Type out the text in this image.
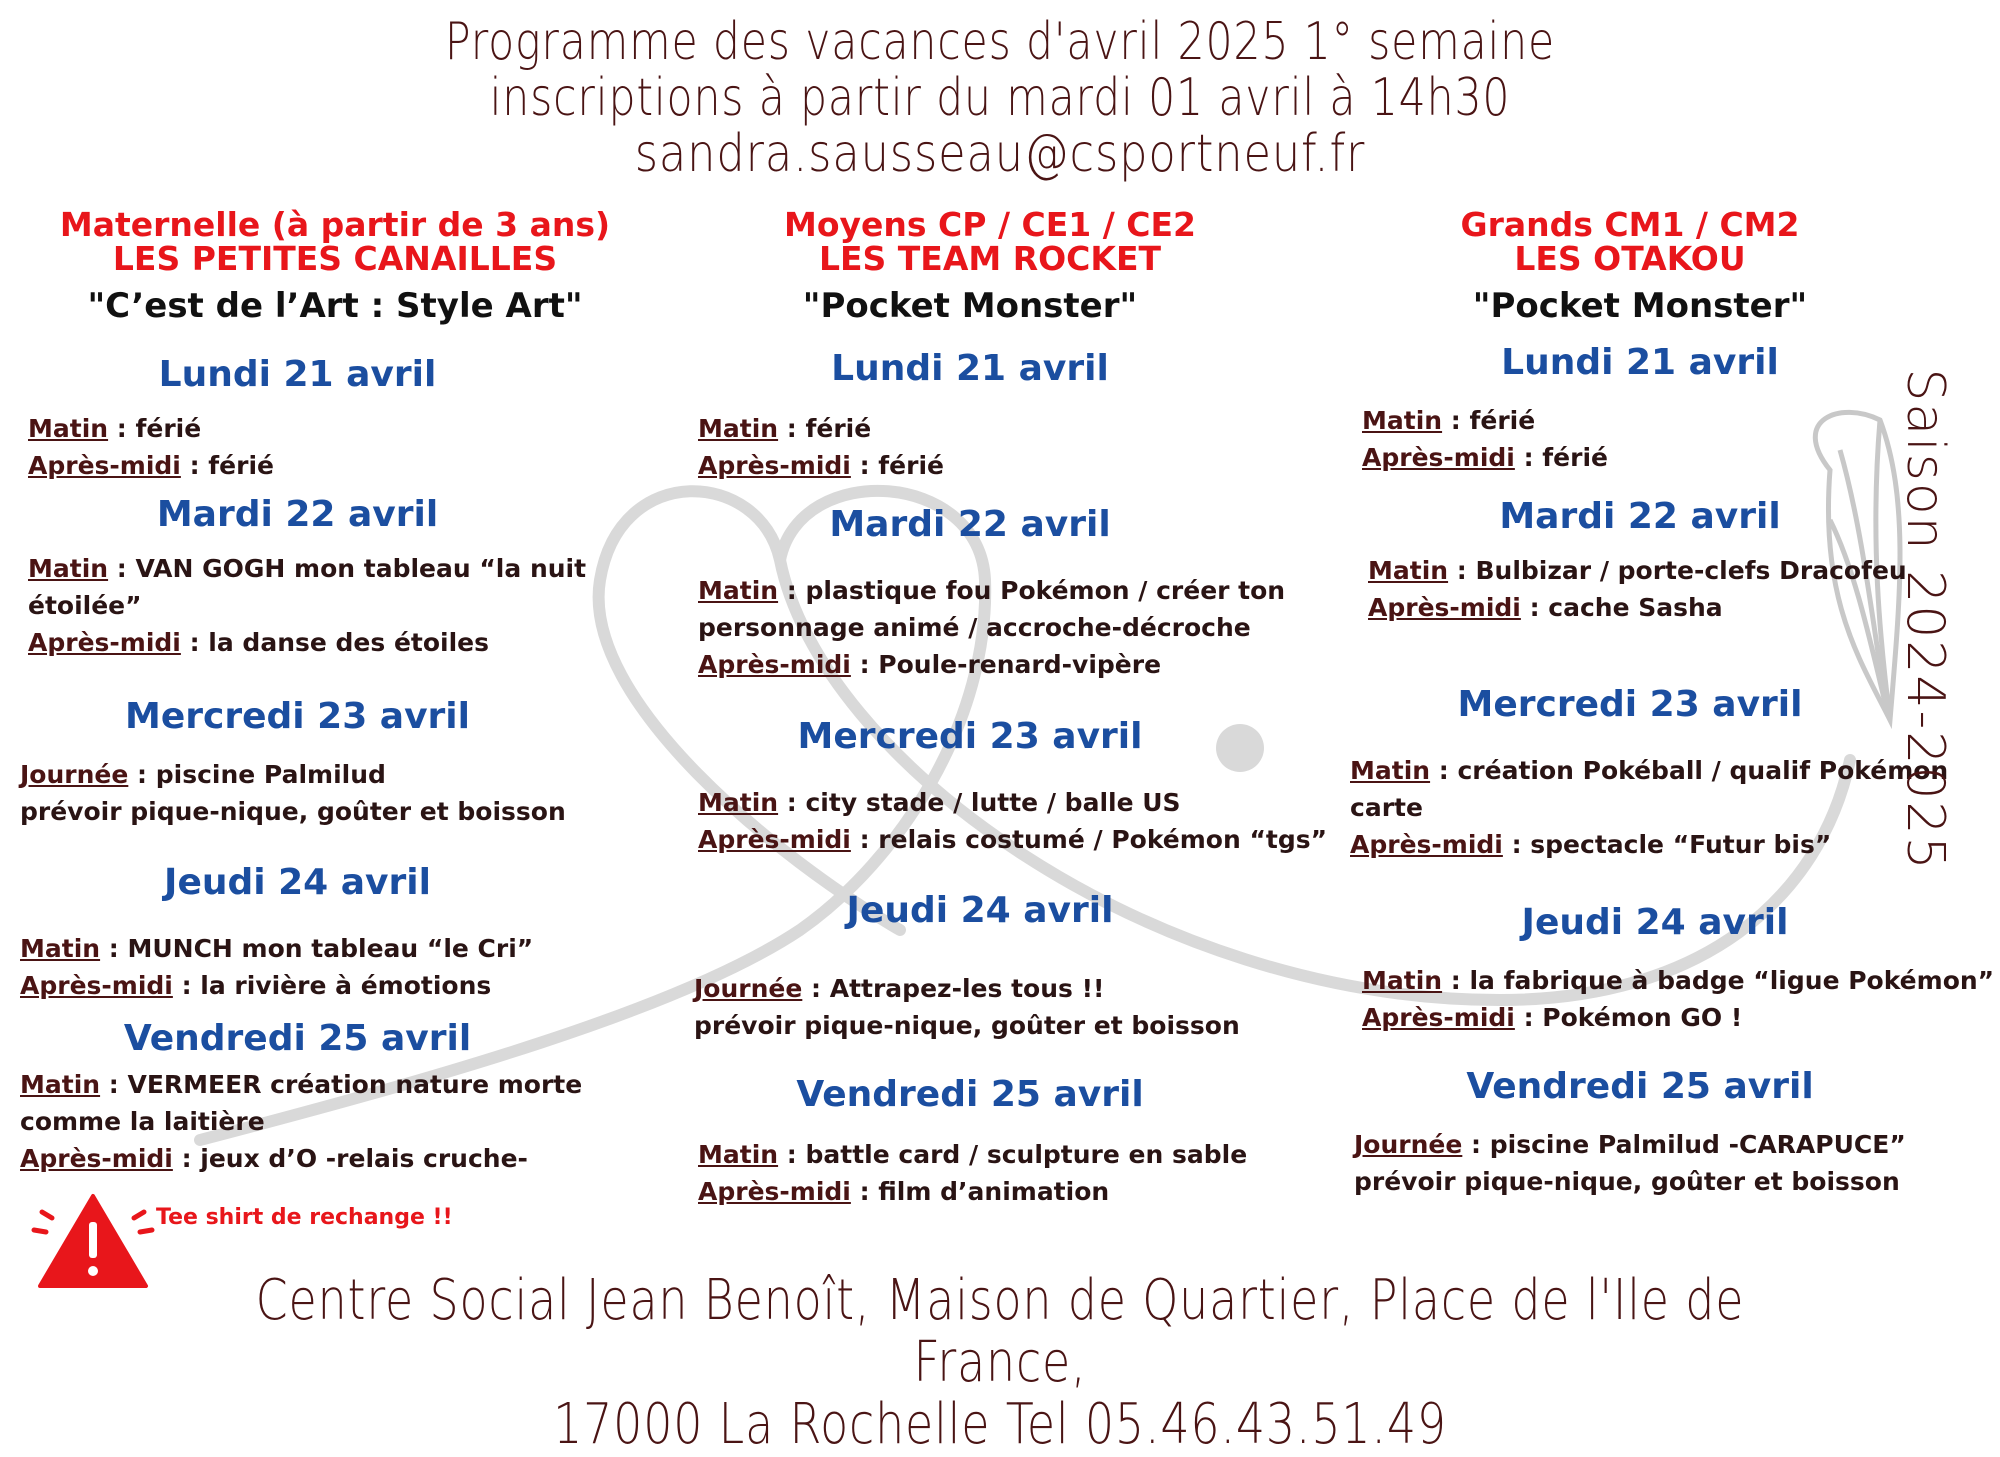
Programme des vacances d'avril 2025 1° semaine
inscriptions à partir du mardi 01 avril à 14h30
sandra.sausseau@csportneuf.fr
Maternelle (à partir de 3 ans)
LES PETITES CANAILLES
"C’est de l’Art : Style Art"
Lundi 21 avril
Matin : férié
Après-midi : férié
Mardi 22 avril
Matin : VAN GOGH mon tableau “la nuit
étoilée”
Après-midi : la danse des étoiles
Mercredi 23 avril
Journée : piscine Palmilud
prévoir pique-nique, goûter et boisson
Jeudi 24 avril
Matin : MUNCH mon tableau “le Cri”
Après-midi : la rivière à émotions
Vendredi 25 avril
Matin : VERMEER création nature morte
comme la laitière
Après-midi : jeux d’O -relais cruche-
Moyens CP / CE1 / CE2
LES TEAM ROCKET
"Pocket Monster"
Lundi 21 avril
Matin : férié
Après-midi : férié
Mardi 22 avril
Matin : plastique fou Pokémon / créer ton
personnage animé / accroche-décroche
Après-midi : Poule-renard-vipère
Mercredi 23 avril
Matin : city stade / lutte / balle US
Après-midi : relais costumé / Pokémon “tgs”
Jeudi 24 avril
Journée : Attrapez-les tous !!
prévoir pique-nique, goûter et boisson
Vendredi 25 avril
Matin : battle card / sculpture en sable
Après-midi : film d’animation
Grands CM1 / CM2
LES OTAKOU
"Pocket Monster"
Lundi 21 avril
Matin : férié
Après-midi : férié
Mardi 22 avril
Matin : Bulbizar / porte-clefs Dracofeu
Après-midi : cache Sasha
Mercredi 23 avril
Matin : création Pokéball / qualif Pokémon
carte
Après-midi : spectacle “Futur bis”
Jeudi 24 avril
Matin : la fabrique à badge “ligue Pokémon”
Après-midi : Pokémon GO !
Vendredi 25 avril
Journée : piscine Palmilud -CARAPUCE”
prévoir pique-nique, goûter et boisson
Saison 2024-2025
Tee shirt de rechange !!
Centre Social Jean Benoît, Maison de Quartier, Place de l'Ile de France,
17000 La Rochelle Tel 05.46.43.51.49
